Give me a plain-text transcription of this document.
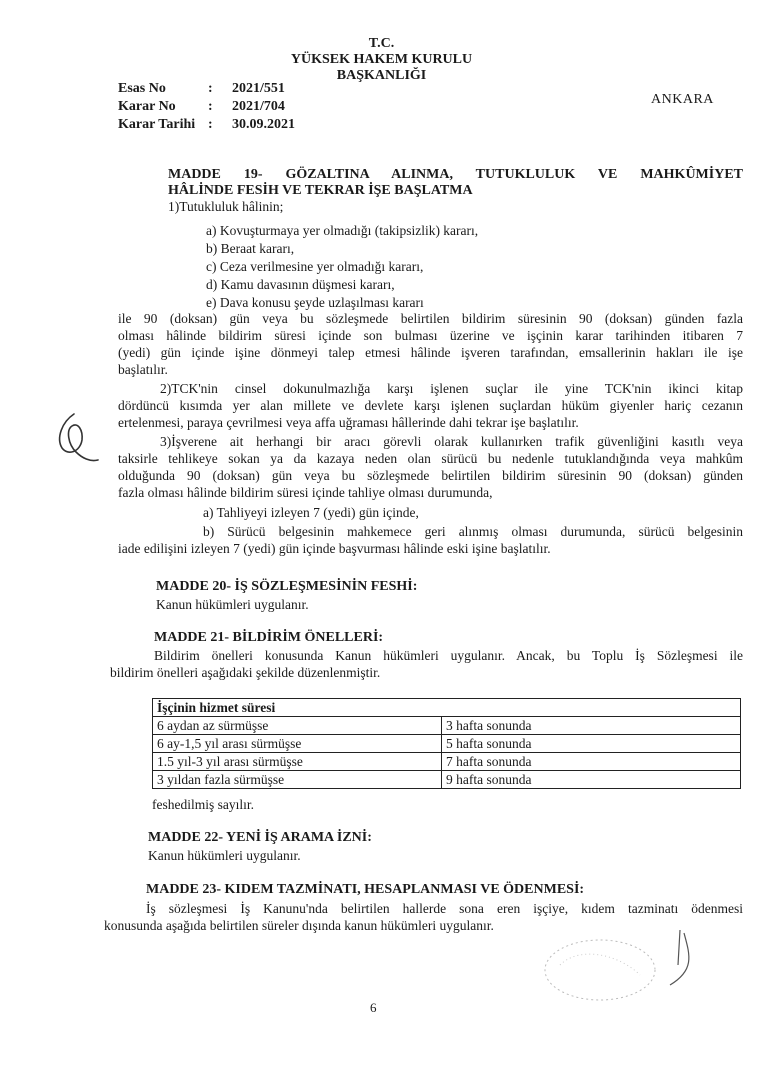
T.C.
YÜKSEK HAKEM KURULU
BAŞKANLIĞI
Esas No	:	2021/551
Karar No	:	2021/704
Karar Tarihi :	30.09.2021
ANKARA
MADDE 19- GÖZALTINA ALINMA, TUTUKLULUK VE MAHKÛMİYET
HÂLİNDE FESİH VE TEKRAR İŞE BAŞLATMA
1)Tutukluluk hâlinin;
a) Kovuşturmaya yer olmadığı (takipsizlik) kararı,
b) Beraat kararı,
c) Ceza verilmesine yer olmadığı kararı,
d) Kamu davasının düşmesi kararı,
e) Dava konusu şeyde uzlaşılması kararı
ile 90 (doksan) gün veya bu sözleşmede belirtilen bildirim süresinin 90 (doksan) günden fazla
olması hâlinde bildirim süresi içinde son bulması üzerine ve işçinin karar tarihinden itibaren 7
(yedi) gün içinde işine dönmeyi talep etmesi hâlinde işveren tarafından, emsallerinin hakları ile işe
başlatılır.
2)TCK'nin cinsel dokunulmazlığa karşı işlenen suçlar ile yine TCK'nin ikinci kitap
dördüncü kısımda yer alan millete ve devlete karşı işlenen suçlardan hüküm giyenler hariç cezanın
ertelenmesi, paraya çevrilmesi veya affa uğraması hâllerinde dahi tekrar işe başlatılır.
3)İşverene ait herhangi bir aracı görevli olarak kullanırken trafik güvenliğini kasıtlı veya
taksirle tehlikeye sokan ya da kazaya neden olan sürücü bu nedenle tutuklandığında veya mahkûm
olduğunda 90 (doksan) gün veya bu sözleşmede belirtilen bildirim süresinin 90 (doksan) günden
fazla olması hâlinde bildirim süresi içinde tahliye olması durumunda,
a) Tahliyeyi izleyen 7 (yedi) gün içinde,
b) Sürücü belgesinin mahkemece geri alınmış olması durumunda, sürücü belgesinin
iade edilişini izleyen 7 (yedi) gün içinde başvurması hâlinde eski işine başlatılır.
MADDE 20- İŞ SÖZLEŞMESİNİN FESHİ:
Kanun hükümleri uygulanır.
MADDE 21- BİLDİRİM ÖNELLERİ:
Bildirim önelleri konusunda Kanun hükümleri uygulanır. Ancak, bu Toplu İş Sözleşmesi ile
bildirim önelleri aşağıdaki şekilde düzenlenmiştir.
İşçinin hizmet süresi	
6 aydan az sürmüşse	3 hafta sonunda
6 ay-1,5 yıl arası sürmüşse	5 hafta sonunda
1.5 yıl-3 yıl arası sürmüşse	7 hafta sonunda
3 yıldan fazla sürmüşse	9 hafta sonunda
feshedilmiş sayılır.
MADDE 22- YENİ İŞ ARAMA İZNİ:
Kanun hükümleri uygulanır.
MADDE 23- KIDEM TAZMİNATI, HESAPLANMASI VE ÖDENMESİ:
İş sözleşmesi İş Kanunu'nda belirtilen hallerde sona eren işçiye, kıdem tazminatı ödenmesi
konusunda aşağıda belirtilen süreler dışında kanun hükümleri uygulanır.
6
